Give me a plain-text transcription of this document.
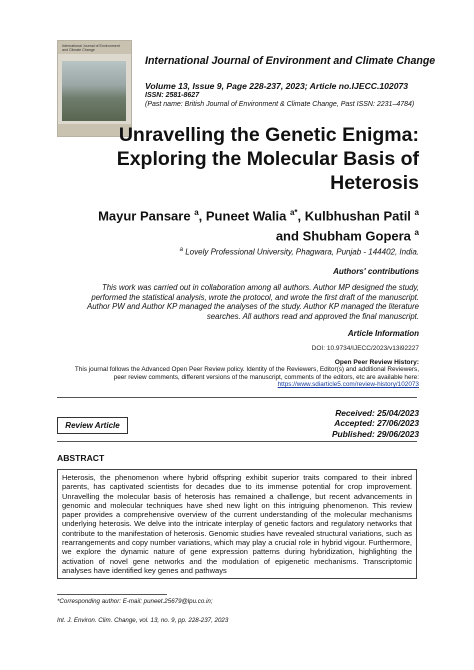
International Journal of Environment and Climate Change
International Journal of Environment and Climate Change
Volume 13, Issue 9, Page 228-237, 2023; Article no.IJECC.102073
ISSN: 2581-8627
(Past name: British Journal of Environment & Climate Change, Past ISSN: 2231–4784)
Unravelling the Genetic Enigma:
Exploring the Molecular Basis of
Heterosis
Mayur Pansare $^a$, Puneet Walia $^{a*}$, Kulbhushan Patil $^a$
and Shubham Gopera $^a$
$^a$ Lovely Professional University, Phagwara, Punjab - 144402, India.
Authors' contributions
This work was carried out in collaboration among all authors. Author MP designed the study,
performed the statistical analysis, wrote the protocol, and wrote the first draft of the manuscript.
Author PW and Author KP managed the analyses of the study. Author KP managed the literature
searches. All authors read and approved the final manuscript.
Article Information
DOI: 10.9734/IJECC/2023/v13i92227
Open Peer Review History:
This journal follows the Advanced Open Peer Review policy. Identity of the Reviewers, Editor(s) and additional Reviewers,
peer review comments, different versions of the manuscript, comments of the editors, etc are available here:
https://www.sdiarticle5.com/review-history/102073
Review Article
Received: 25/04/2023
Accepted: 27/06/2023
Published: 29/06/2023
ABSTRACT
Heterosis, the phenomenon where hybrid offspring exhibit superior traits compared to their inbred parents, has captivated scientists for decades due to its immense potential for crop improvement. Unravelling the molecular basis of heterosis has remained a challenge, but recent advancements in genomic and molecular techniques have shed new light on this intriguing phenomenon. This review paper provides a comprehensive overview of the current understanding of the molecular mechanisms underlying heterosis. We delve into the intricate interplay of genetic factors and regulatory networks that contribute to the manifestation of heterosis. Genomic studies have revealed structural variations, such as rearrangements and copy number variations, which may play a crucial role in hybrid vigour. Furthermore, we explore the dynamic nature of gene expression patterns during hybridization, highlighting the activation of novel gene networks and the modulation of epigenetic mechanisms. Transcriptomic analyses have identified key genes and pathways
*Corresponding author: E-mail: puneet.25679@lpu.co.in;
Int. J. Environ. Clim. Change, vol. 13, no. 9, pp. 228-237, 2023
